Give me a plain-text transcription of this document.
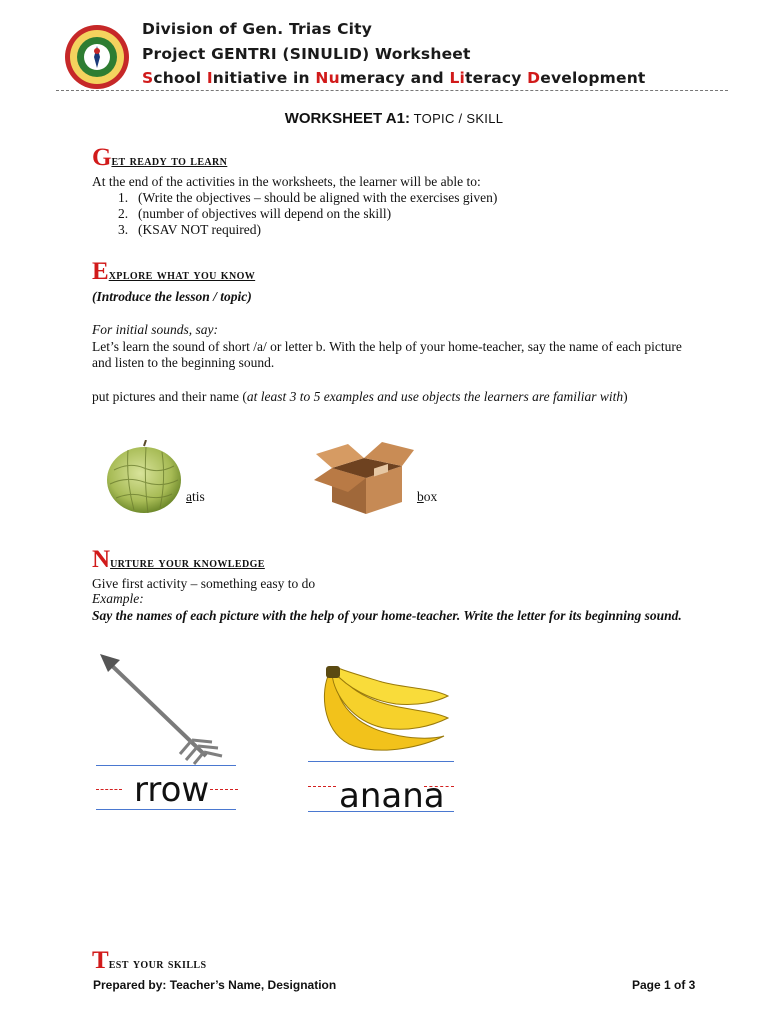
Division of Gen. Trias City
Project GENTRI (SINULID) Worksheet
School Initiative in Numeracy and Literacy Development
WORKSHEET A1: TOPIC / SKILL
Get ready to learn
At the end of the activities in the worksheets, the learner will be able to:
1. (Write the objectives – should be aligned with the exercises given)
2. (number of objectives will depend on the skill)
3. (KSAV NOT required)
Explore what you know
(Introduce the lesson / topic)
For initial sounds, say:
Let’s learn the sound of short /a/ or letter b. With the help of your home-teacher, say the name of each picture and listen to the beginning sound.
put pictures and their name (at least 3 to 5 examples and use objects the learners are familiar with)
atis	box
Nurture your knowledge
Give first activity – something easy to do
Example:
Say the names of each picture with the help of your home-teacher. Write the letter for its beginning sound.
rrow	anana
Test your skills
Prepared by: Teacher’s Name, Designation	Page 1 of 3
